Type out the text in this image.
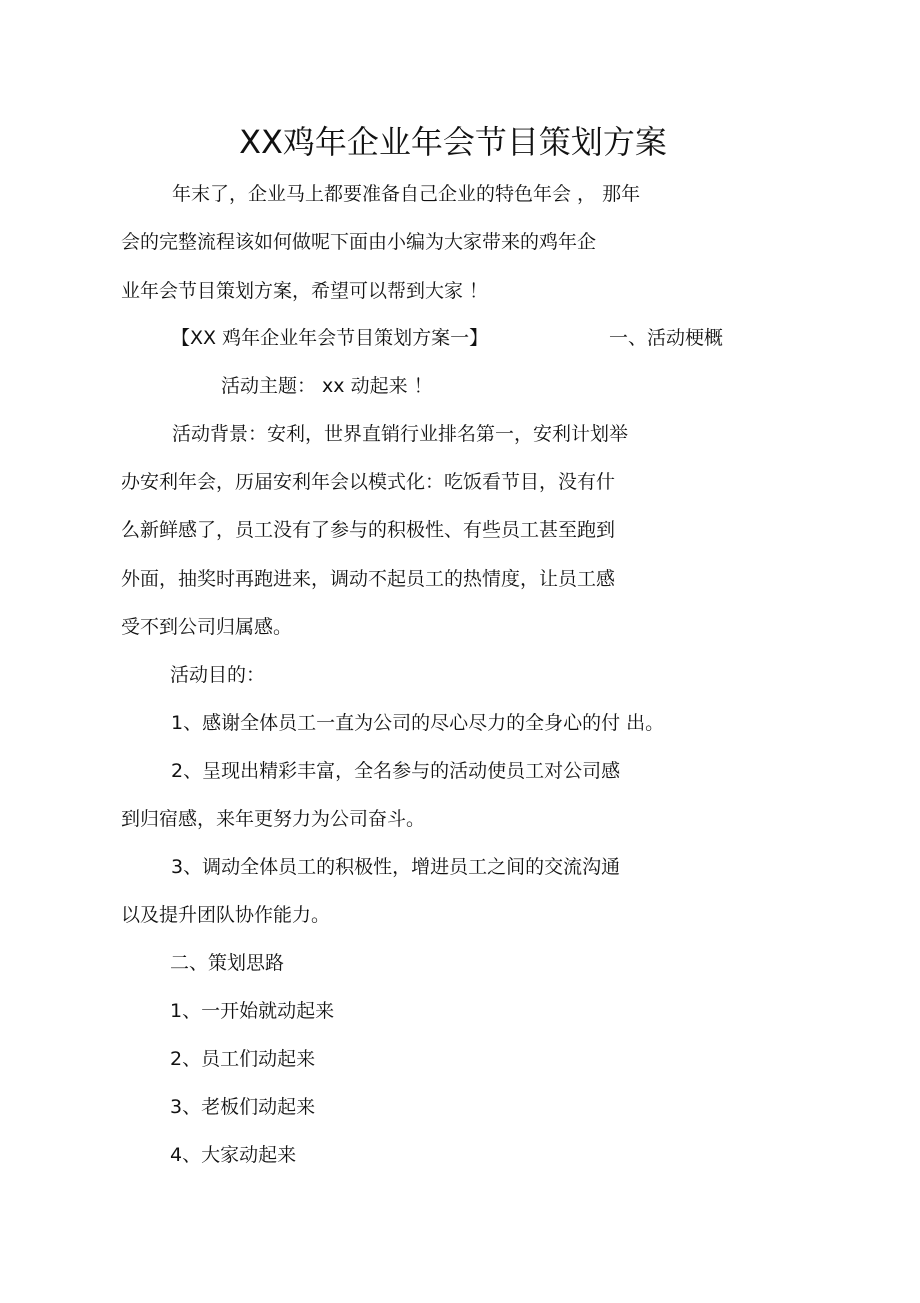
XX鸡年企业年会节目策划方案
年末了，企业马上都要准备自己企业的特色年会 ， 那年
会的完整流程该如何做呢下面由小编为大家带来的鸡年企
业年会节目策划方案，希望可以帮到大家 ！
【XX 鸡年企业年会节目策划方案一】	一、活动梗概
活动主题： xx 动起来 ！
活动背景：安利，世界直销行业排名第一，安利计划举
办安利年会，历届安利年会以模式化：吃饭看节目，没有什
么新鲜感了，员工没有了参与的积极性、有些员工甚至跑到
外面，抽奖时再跑进来，调动不起员工的热情度，让员工感
受不到公司归属感。
活动目的：
1、感谢全体员工一直为公司的尽心尽力的全身心的付 出。
2、呈现出精彩丰富，全名参与的活动使员工对公司感
到归宿感，来年更努力为公司奋斗。
3、调动全体员工的积极性，增进员工之间的交流沟通
以及提升团队协作能力。
二、策划思路
1、一开始就动起来
2、员工们动起来
3、老板们动起来
4、大家动起来
